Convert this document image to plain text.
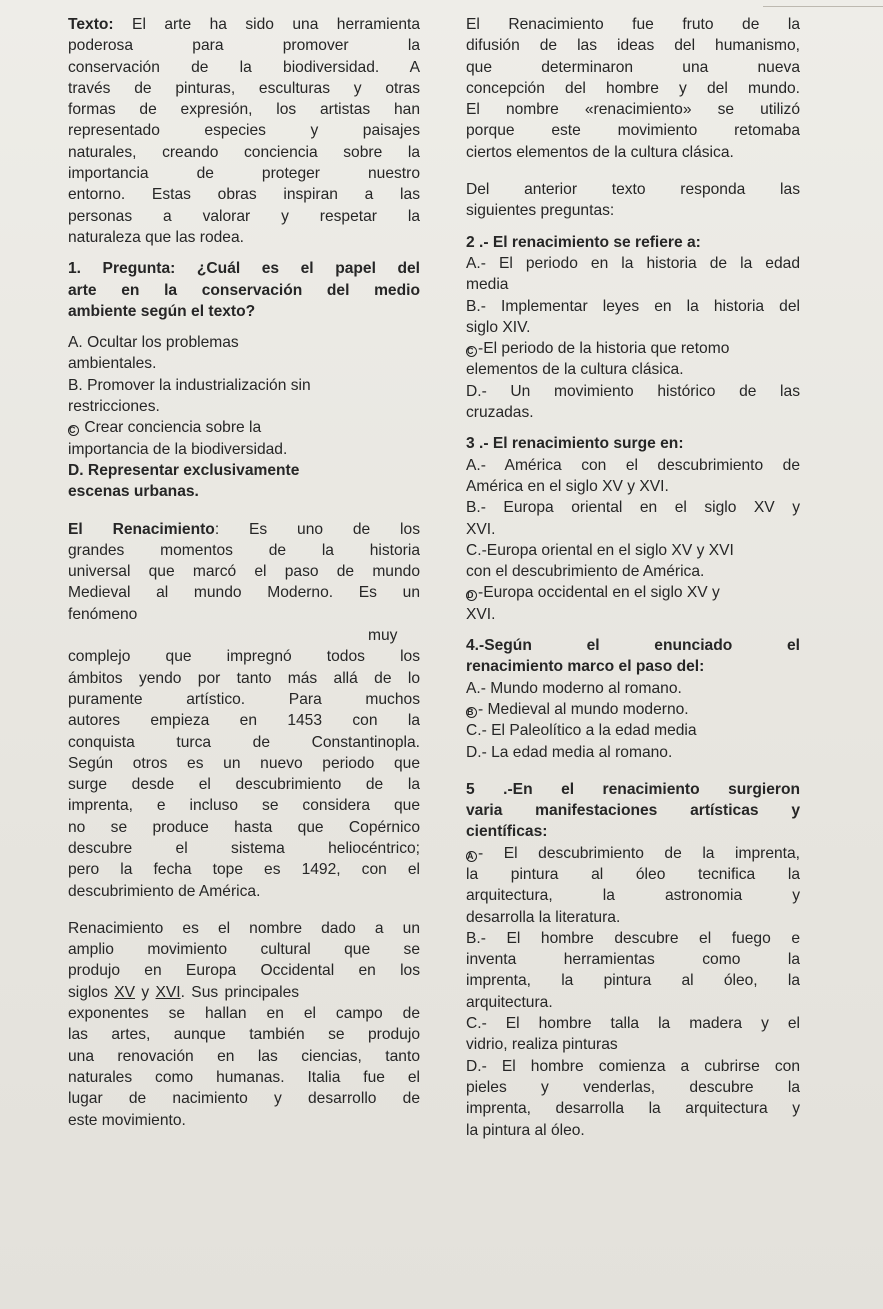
Texto: El arte ha sido una herramienta
poderosa para promover la
conservación de la biodiversidad. A
través de pinturas, esculturas y otras
formas de expresión, los artistas han
representado especies y paisajes
naturales, creando conciencia sobre la
importancia de proteger nuestro
entorno. Estas obras inspiran a las
personas a valorar y respetar la
naturaleza que las rodea.
1. Pregunta: ¿Cuál es el papel del
arte en la conservación del medio
ambiente según el texto?
A. Ocultar los problemas
ambientales.
B. Promover la industrialización sin
restricciones.
C Crear conciencia sobre la
importancia de la biodiversidad.
D. Representar exclusivamente
escenas urbanas.
El Renacimiento: Es uno de los
grandes momentos de la historia
universal que marcó el paso de mundo
Medieval al mundo Moderno. Es un
fenómeno
muy
complejo que impregnó todos los
ámbitos yendo por tanto más allá de lo
puramente artístico. Para muchos
autores empieza en 1453 con la
conquista turca de Constantinopla.
Según otros es un nuevo periodo que
surge desde el descubrimiento de la
imprenta, e incluso se considera que
no se produce hasta que Copérnico
descubre el sistema heliocéntrico;
pero la fecha tope es 1492, con el
descubrimiento de América.
Renacimiento es el nombre dado a un
amplio movimiento cultural que se
produjo en Europa Occidental en los
siglos XV y XVI. Sus principales
exponentes se hallan en el campo de
las artes, aunque también se produjo
una renovación en las ciencias, tanto
naturales como humanas. Italia fue el
lugar de nacimiento y desarrollo de
este movimiento.
El Renacimiento fue fruto de la
difusión de las ideas del humanismo,
que determinaron una nueva
concepción del hombre y del mundo.
El nombre «renacimiento» se utilizó
porque este movimiento retomaba
ciertos elementos de la cultura clásica.
Del anterior texto responda las
siguientes preguntas:
2 .- El renacimiento se refiere a:
A.- El periodo en la historia de la edad
media
B.- Implementar leyes en la historia del
siglo XIV.
C -El periodo de la historia que retomo
elementos de la cultura clásica.
D.- Un movimiento histórico de las
cruzadas.
3 .- El renacimiento surge en:
A.- América con el descubrimiento de
América en el siglo XV y XVI.
B.- Europa oriental en el siglo XV y
XVI.
C.-Europa oriental en el siglo XV y XVI
con el descubrimiento de América.
D -Europa occidental en el siglo XV y
XVI.
4.-Según el enunciado el
renacimiento marco el paso del:
A.- Mundo moderno al romano.
B - Medieval al mundo moderno.
C.- El Paleolítico a la edad media
D.- La edad media al romano.
5 .-En el renacimiento surgieron
varia manifestaciones artísticas y
científicas:
A - El descubrimiento de la imprenta,
la pintura al óleo tecnifica la
arquitectura, la astronomia y
desarrolla la literatura.
B.- El hombre descubre el fuego e
inventa herramientas como la
imprenta, la pintura al óleo, la
arquitectura.
C.- El hombre talla la madera y el
vidrio, realiza pinturas
D.- El hombre comienza a cubrirse con
pieles y venderlas, descubre la
imprenta, desarrolla la arquitectura y
la pintura al óleo.
